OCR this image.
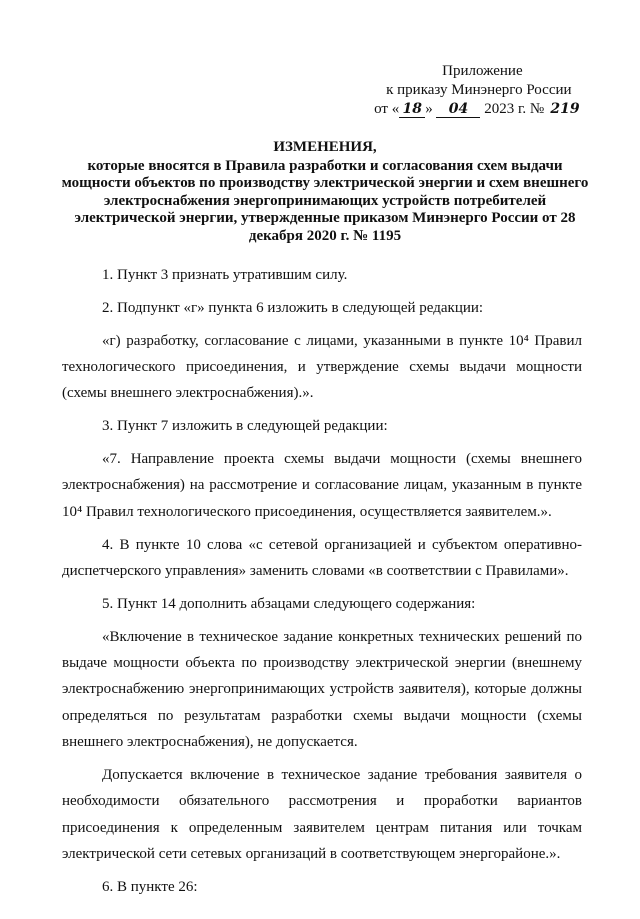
Приложение
к приказу Минэнерго России
от « 18 » 04 2023 г. № 219
ИЗМЕНЕНИЯ,
которые вносятся в Правила разработки и согласования схем выдачи мощности объектов по производству электрической энергии и схем внешнего электроснабжения энергопринимающих устройств потребителей электрической энергии, утвержденные приказом Минэнерго России от 28 декабря 2020 г. № 1195

1. Пункт 3 признать утратившим силу.

2. Подпункт «г» пункта 6 изложить в следующей редакции:

«г) разработку, согласование с лицами, указанными в пункте 10⁴ Правил технологического присоединения, и утверждение схемы выдачи мощности (схемы внешнего электроснабжения).».

3. Пункт 7 изложить в следующей редакции:

«7. Направление проекта схемы выдачи мощности (схемы внешнего электроснабжения) на рассмотрение и согласование лицам, указанным в пункте 10⁴ Правил технологического присоединения, осуществляется заявителем.».

4. В пункте 10 слова «с сетевой организацией и субъектом оперативно-диспетчерского управления» заменить словами «в соответствии с Правилами».

5. Пункт 14 дополнить абзацами следующего содержания:

«Включение в техническое задание конкретных технических решений по выдаче мощности объекта по производству электрической энергии (внешнему электроснабжению энергопринимающих устройств заявителя), которые должны определяться по результатам разработки схемы выдачи мощности (схемы внешнего электроснабжения), не допускается.

Допускается включение в техническое задание требования заявителя о необходимости обязательного рассмотрения и проработки вариантов присоединения к определенным заявителем центрам питания или точкам электрической сети сетевых организаций в соответствующем энергорайоне.».

6. В пункте 26:
